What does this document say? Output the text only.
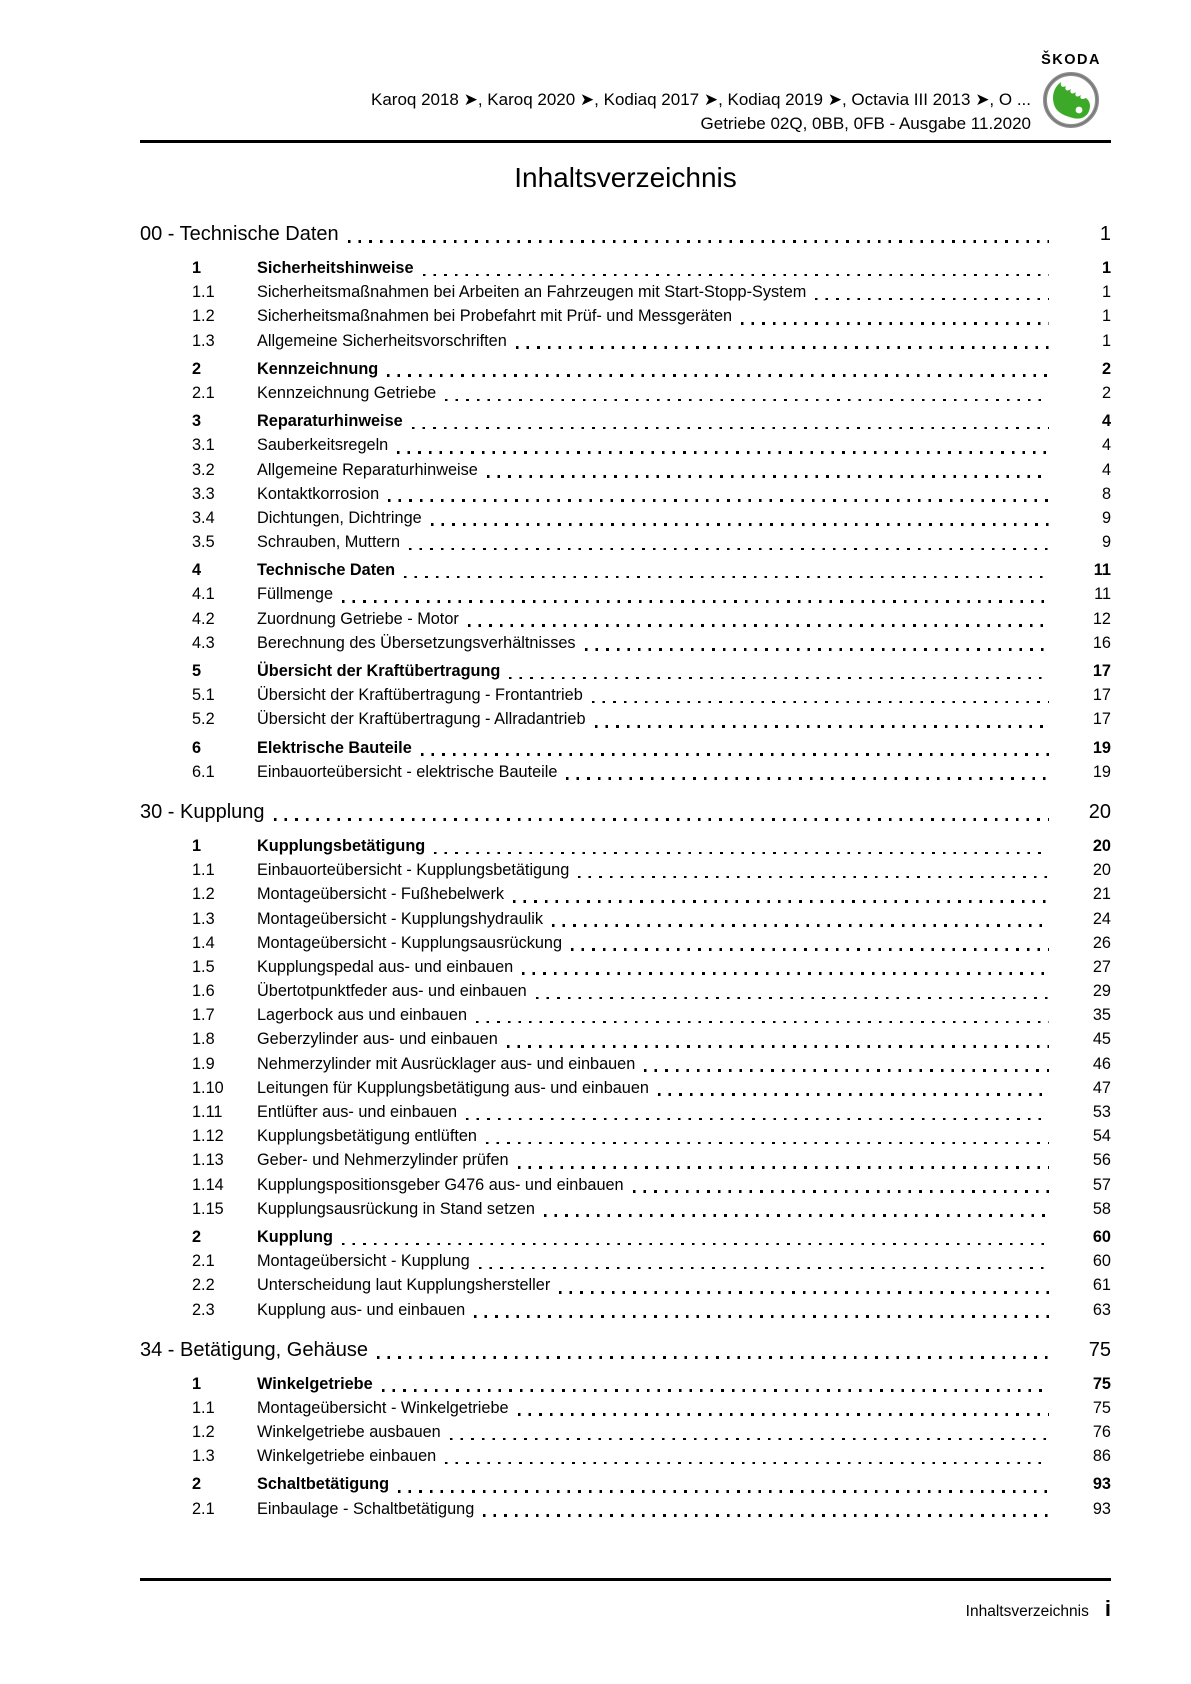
Karoq 2018 ➤, Karoq 2020 ➤, Kodiaq 2017 ➤, Kodiaq 2019 ➤, Octavia III 2013 ➤, O ...
Getriebe 02Q, 0BB, 0FB - Ausgabe 11.2020
ŠKODA
Inhaltsverzeichnis
00 - Technische Daten	1
1	Sicherheitshinweise	1
1.1	Sicherheitsmaßnahmen bei Arbeiten an Fahrzeugen mit Start-Stopp-System	1
1.2	Sicherheitsmaßnahmen bei Probefahrt mit Prüf- und Messgeräten	1
1.3	Allgemeine Sicherheitsvorschriften	1
2	Kennzeichnung	2
2.1	Kennzeichnung Getriebe	2
3	Reparaturhinweise	4
3.1	Sauberkeitsregeln	4
3.2	Allgemeine Reparaturhinweise	4
3.3	Kontaktkorrosion	8
3.4	Dichtungen, Dichtringe	9
3.5	Schrauben, Muttern	9
4	Technische Daten	11
4.1	Füllmenge	11
4.2	Zuordnung Getriebe - Motor	12
4.3	Berechnung des Übersetzungsverhältnisses	16
5	Übersicht der Kraftübertragung	17
5.1	Übersicht der Kraftübertragung - Frontantrieb	17
5.2	Übersicht der Kraftübertragung - Allradantrieb	17
6	Elektrische Bauteile	19
6.1	Einbauorteübersicht - elektrische Bauteile	19
30 - Kupplung	20
1	Kupplungsbetätigung	20
1.1	Einbauorteübersicht - Kupplungsbetätigung	20
1.2	Montageübersicht - Fußhebelwerk	21
1.3	Montageübersicht - Kupplungshydraulik	24
1.4	Montageübersicht - Kupplungsausrückung	26
1.5	Kupplungspedal aus- und einbauen	27
1.6	Übertotpunktfeder aus- und einbauen	29
1.7	Lagerbock aus und einbauen	35
1.8	Geberzylinder aus- und einbauen	45
1.9	Nehmerzylinder mit Ausrücklager aus- und einbauen	46
1.10	Leitungen für Kupplungsbetätigung aus- und einbauen	47
1.11	Entlüfter aus- und einbauen	53
1.12	Kupplungsbetätigung entlüften	54
1.13	Geber- und Nehmerzylinder prüfen	56
1.14	Kupplungspositionsgeber G476 aus- und einbauen	57
1.15	Kupplungsausrückung in Stand setzen	58
2	Kupplung	60
2.1	Montageübersicht - Kupplung	60
2.2	Unterscheidung laut Kupplungshersteller	61
2.3	Kupplung aus- und einbauen	63
34 - Betätigung, Gehäuse	75
1	Winkelgetriebe	75
1.1	Montageübersicht - Winkelgetriebe	75
1.2	Winkelgetriebe ausbauen	76
1.3	Winkelgetriebe einbauen	86
2	Schaltbetätigung	93
2.1	Einbaulage - Schaltbetätigung	93
Inhaltsverzeichnis i
